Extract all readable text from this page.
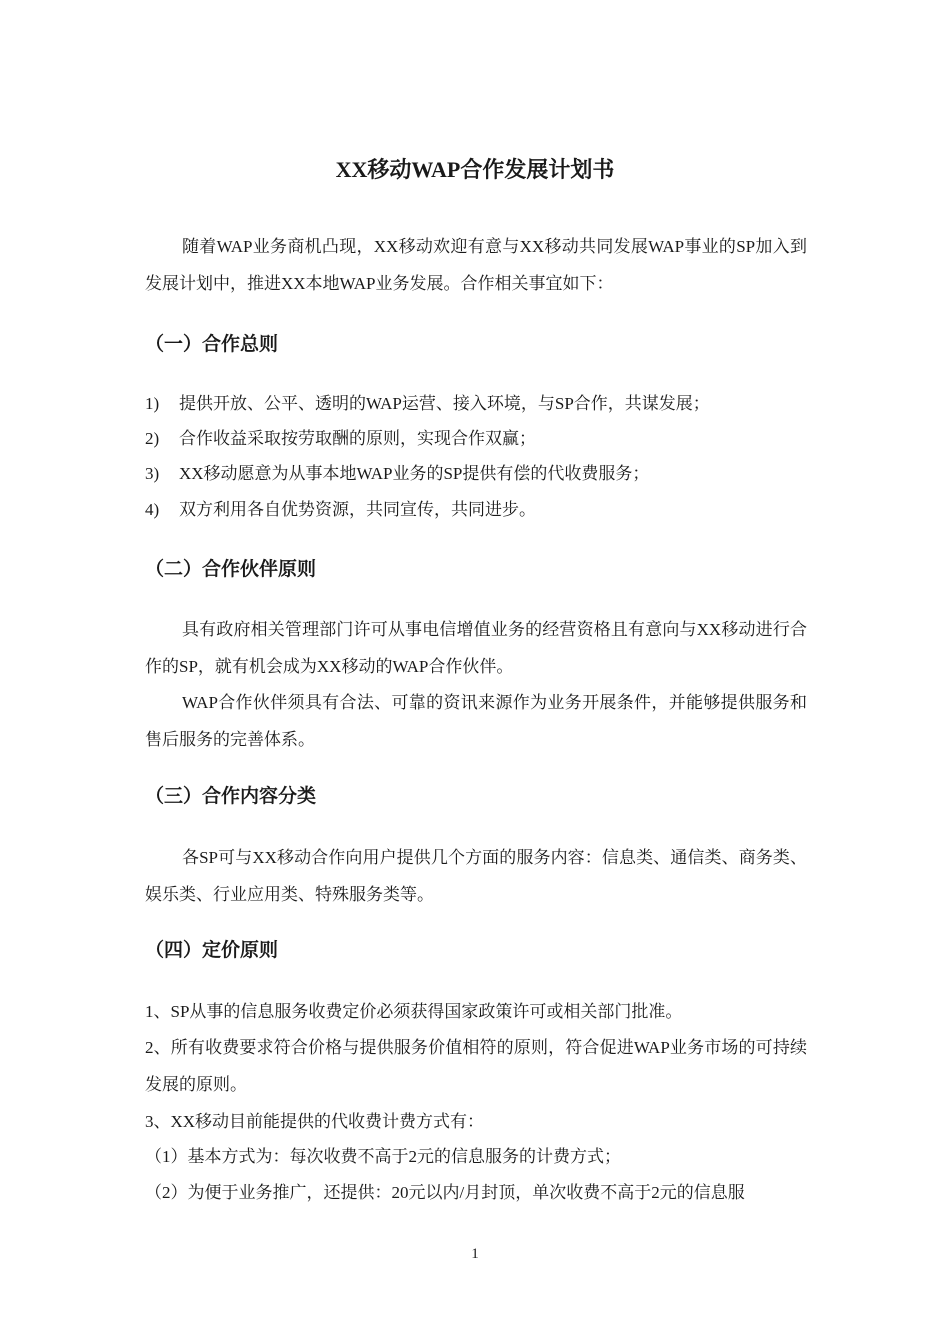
XX移动WAP合作发展计划书
随着WAP业务商机凸现，XX移动欢迎有意与XX移动共同发展WAP事业的SP加入到发展计划中，推进XX本地WAP业务发展。合作相关事宜如下：
（一）合作总则
1) 提供开放、公平、透明的WAP运营、接入环境，与SP合作，共谋发展；
2) 合作收益采取按劳取酬的原则，实现合作双赢；
3) XX移动愿意为从事本地WAP业务的SP提供有偿的代收费服务；
4) 双方利用各自优势资源，共同宣传，共同进步。
（二）合作伙伴原则
具有政府相关管理部门许可从事电信增值业务的经营资格且有意向与XX移动进行合作的SP，就有机会成为XX移动的WAP合作伙伴。
WAP合作伙伴须具有合法、可靠的资讯来源作为业务开展条件，并能够提供服务和售后服务的完善体系。
（三）合作内容分类
各SP可与XX移动合作向用户提供几个方面的服务内容：信息类、通信类、商务类、娱乐类、行业应用类、特殊服务类等。
（四）定价原则
1、SP从事的信息服务收费定价必须获得国家政策许可或相关部门批准。
2、所有收费要求符合价格与提供服务价值相符的原则，符合促进WAP业务市场的可持续发展的原则。
3、XX移动目前能提供的代收费计费方式有：
（1）基本方式为：每次收费不高于2元的信息服务的计费方式；
（2）为便于业务推广，还提供：20元以内/月封顶，单次收费不高于2元的信息服
1
